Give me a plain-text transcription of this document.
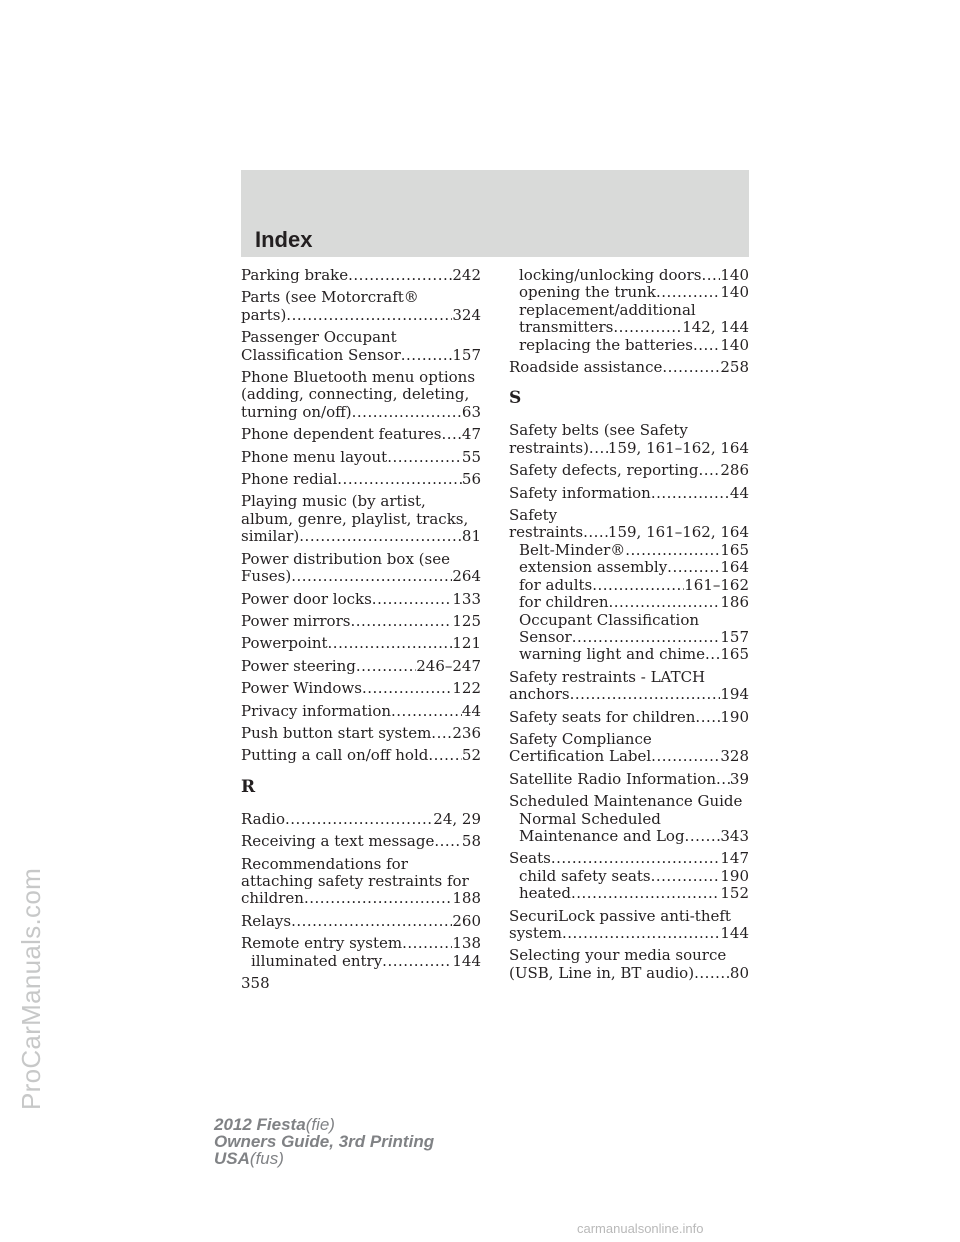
Index
Parking brake .....	242
Parts (see Motorcraft®
parts) .....	324
Passenger Occupant
Classification Sensor .....	157
Phone Bluetooth menu options
(adding, connecting, deleting,
turning on/off) .....	63
Phone dependent features ..... 47
Phone menu layout .....	55
Phone redial .....	56
Playing music (by artist,
album, genre, playlist, tracks,
similar) .....	81
Power distribution box (see
Fuses) .....	264
Power door locks .....	133
Power mirrors .....	125
Powerpoint .....	121
Power steering .....	246–247
Power Windows .....	122
Privacy information .....	44
Push button start system ..... 236
Putting a call on/off hold ..... 52
R
Radio .....	24, 29
Receiving a text message ..... 58
Recommendations for
attaching safety restraints for
children .....	188
Relays .....	260
Remote entry system .....	138
illuminated entry .....	144
358
locking/unlocking doors ..... 140
opening the trunk .....	140
replacement/additional
transmitters .....	142, 144
replacing the batteries ..... 140
Roadside assistance .....	258
S
Safety belts (see Safety
restraints) ..... 159, 161–162, 164
Safety defects, reporting ..... 286
Safety information .....	44
Safety
restraints ..... 159, 161–162, 164
Belt-Minder® .....	165
extension assembly .....	164
for adults .....	161–162
for children .....	186
Occupant Classification
Sensor .....	157
warning light and chime ..... 165
Safety restraints - LATCH
anchors .....	194
Safety seats for children ..... 190
Safety Compliance
Certification Label .....	328
Satellite Radio Information ..... 39
Scheduled Maintenance Guide
Normal Scheduled
Maintenance and Log ..... 343
Seats .....	147
child safety seats .....	190
heated .....	152
SecuriLock passive anti-theft
system .....	144
Selecting your media source
(USB, Line in, BT audio) ..... 80
2012 Fiesta(fie)
Owners Guide, 3rd Printing
USA(fus)
ProCarManuals.com
carmanualsonline.info
